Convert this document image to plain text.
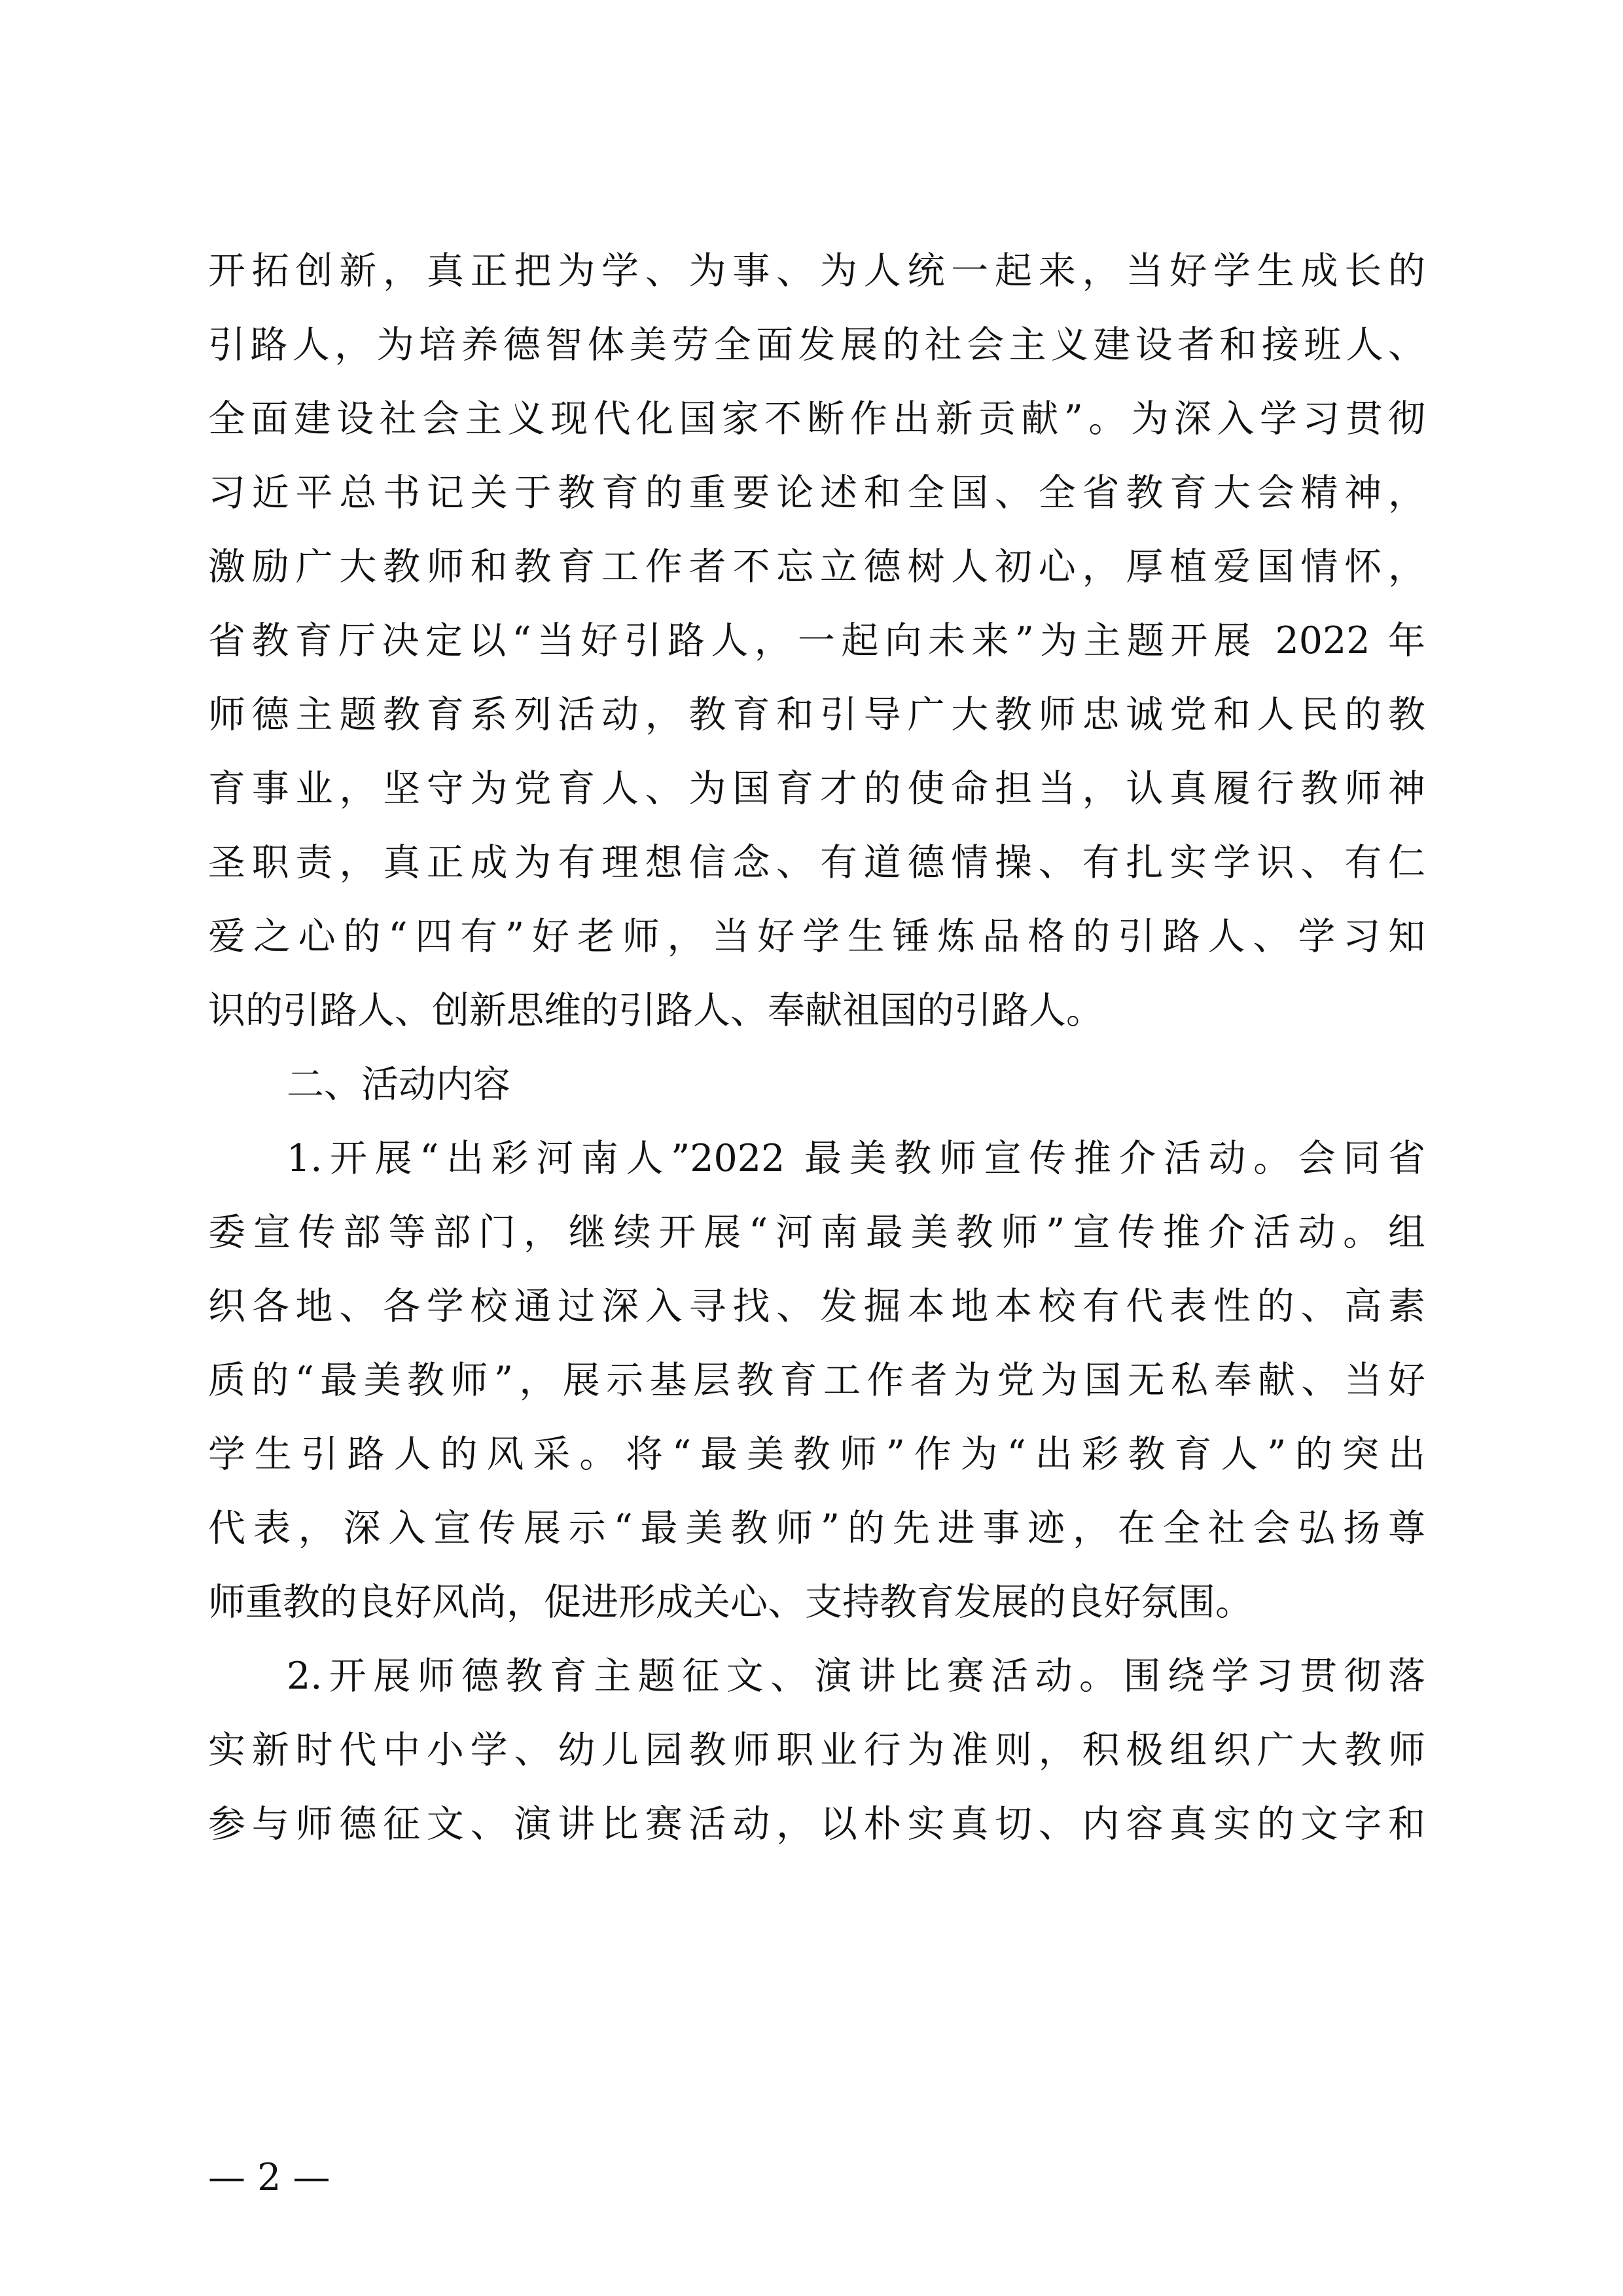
开拓创新，真正把为学、为事、为人统一起来，当好学生成长的
引路人，为培养德智体美劳全面发展的社会主义建设者和接班人、
全面建设社会主义现代化国家不断作出新贡献”。为深入学习贯彻
习近平总书记关于教育的重要论述和全国、全省教育大会精神，
激励广大教师和教育工作者不忘立德树人初心，厚植爱国情怀，
省教育厅决定以“当好引路人，一起向未来”为主题开展 2022 年
师德主题教育系列活动，教育和引导广大教师忠诚党和人民的教
育事业，坚守为党育人、为国育才的使命担当，认真履行教师神
圣职责，真正成为有理想信念、有道德情操、有扎实学识、有仁
爱之心的“四有”好老师，当好学生锤炼品格的引路人、学习知
识的引路人、创新思维的引路人、奉献祖国的引路人。
二、活动内容
1.开展“出彩河南人”2022 最美教师宣传推介活动。会同省
委宣传部等部门，继续开展“河南最美教师”宣传推介活动。组
织各地、各学校通过深入寻找、发掘本地本校有代表性的、高素
质的“最美教师”，展示基层教育工作者为党为国无私奉献、当好
学生引路人的风采。将“最美教师”作为“出彩教育人”的突出
代表，深入宣传展示“最美教师”的先进事迹，在全社会弘扬尊
师重教的良好风尚，促进形成关心、支持教育发展的良好氛围。
2.开展师德教育主题征文、演讲比赛活动。围绕学习贯彻落
实新时代中小学、幼儿园教师职业行为准则，积极组织广大教师
参与师德征文、演讲比赛活动，以朴实真切、内容真实的文字和
— 2 —
